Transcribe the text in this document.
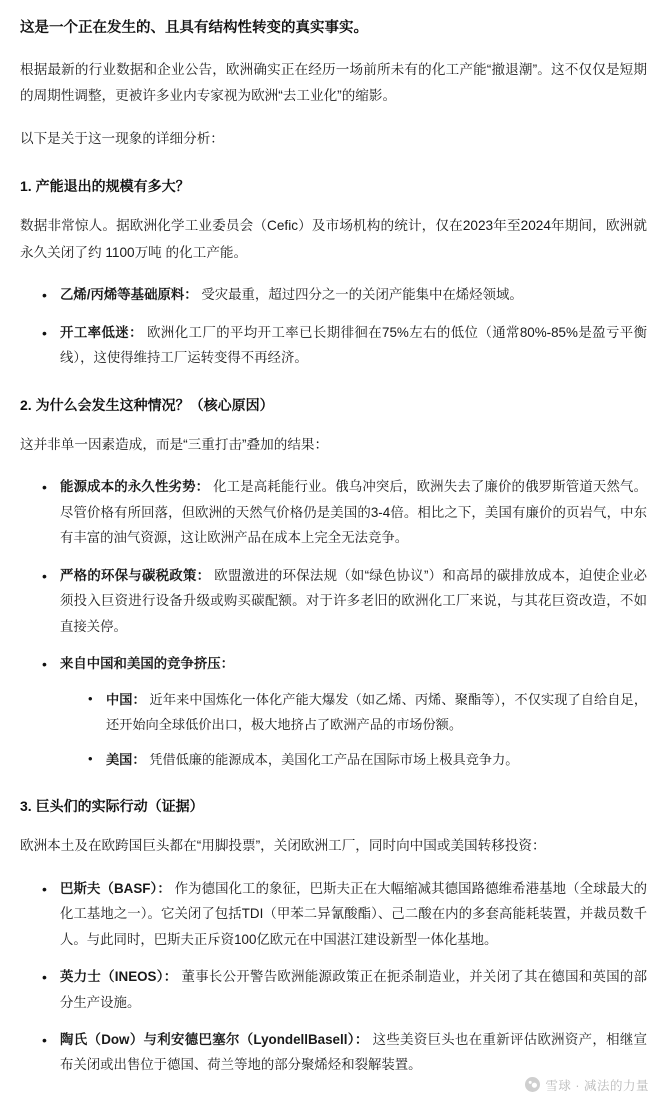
这是一个正在发生的、且具有结构性转变的真实事实。

根据最新的行业数据和企业公告，欧洲确实正在经历一场前所未有的化工产能“撤退潮”。这不仅仅是短期的周期性调整，更被许多业内专家视为欧洲“去工业化”的缩影。

以下是关于这一现象的详细分析：

1. 产能退出的规模有多大？

数据非常惊人。据欧洲化学工业委员会（Cefic）及市场机构的统计，仅在2023年至2024年期间，欧洲就永久关闭了约 1100万吨 的化工产能。

• 乙烯/丙烯等基础原料： 受灾最重，超过四分之一的关闭产能集中在烯烃领域。
• 开工率低迷： 欧洲化工厂的平均开工率已长期徘徊在75%左右的低位（通常80%-85%是盈亏平衡线），这使得维持工厂运转变得不再经济。
2. 为什么会发生这种情况？（核心原因）

这并非单一因素造成，而是“三重打击”叠加的结果：

• 能源成本的永久性劣势： 化工是高耗能行业。俄乌冲突后，欧洲失去了廉价的俄罗斯管道天然气。尽管价格有所回落，但欧洲的天然气价格仍是美国的3-4倍。相比之下，美国有廉价的页岩气，中东有丰富的油气资源，这让欧洲产品在成本上完全无法竞争。
• 严格的环保与碳税政策： 欧盟激进的环保法规（如“绿色协议”）和高昂的碳排放成本，迫使企业必须投入巨资进行设备升级或购买碳配额。对于许多老旧的欧洲化工厂来说，与其花巨资改造，不如直接关停。
• 来自中国和美国的竞争挤压：
• 中国： 近年来中国炼化一体化产能大爆发（如乙烯、丙烯、聚酯等），不仅实现了自给自足，还开始向全球低价出口，极大地挤占了欧洲产品的市场份额。
• 美国： 凭借低廉的能源成本，美国化工产品在国际市场上极具竞争力。
3. 巨头们的实际行动（证据）

欧洲本土及在欧跨国巨头都在“用脚投票”，关闭欧洲工厂，同时向中国或美国转移投资：

• 巴斯夫（BASF）： 作为德国化工的象征，巴斯夫正在大幅缩减其德国路德维希港基地（全球最大的化工基地之一）。它关闭了包括TDI（甲苯二异氰酸酯）、己二酸在内的多套高能耗装置，并裁员数千人。与此同时，巴斯夫正斥资100亿欧元在中国湛江建设新型一体化基地。
• 英力士（INEOS）： 董事长公开警告欧洲能源政策正在扼杀制造业，并关闭了其在德国和英国的部分生产设施。
• 陶氏（Dow）与利安德巴塞尔（LyondellBasell）： 这些美资巨头也在重新评估欧洲资产，相继宣布关闭或出售位于德国、荷兰等地的部分聚烯烃和裂解装置。
雪球 · 减法的力量
